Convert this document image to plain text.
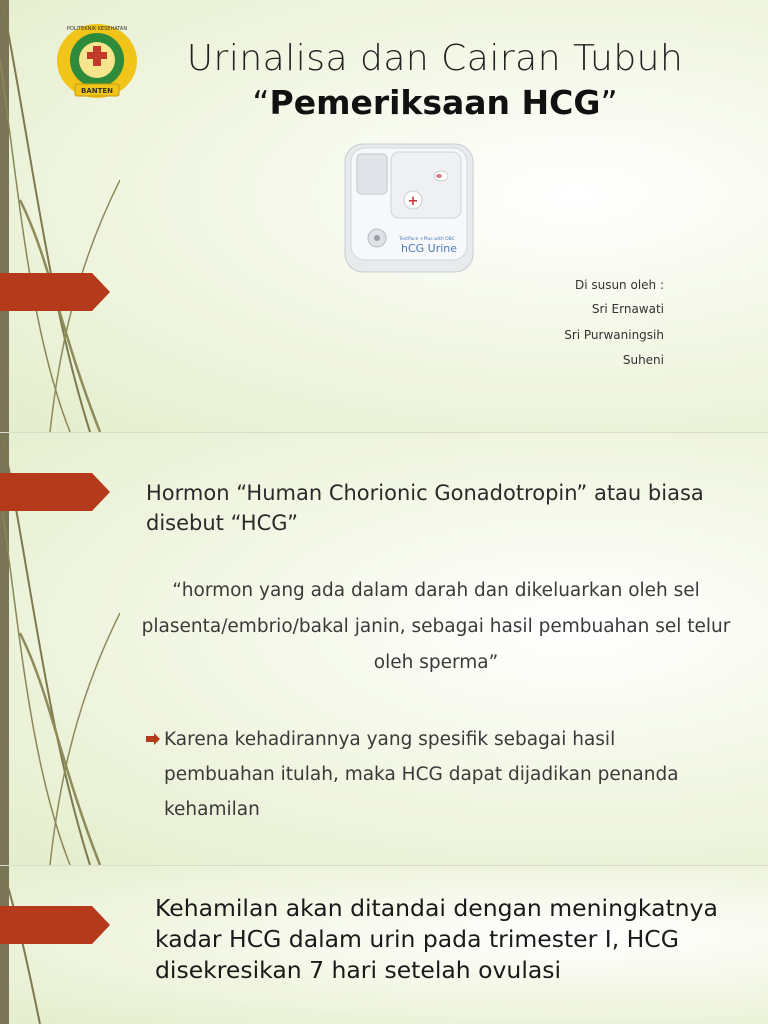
BANTEN
POLITEKNIK KESEHATAN
Urinalisa dan Cairan Tubuh
“Pemeriksaan HCG”
+
TestPack +Plus with OBC
hCG Urine
Di susun oleh :
Sri Ernawati
Sri Purwaningsih
Suheni
Hormon “Human Chorionic Gonadotropin” atau biasa disebut “HCG”
“hormon yang ada dalam darah dan dikeluarkan oleh sel plasenta/embrio/bakal janin, sebagai hasil pembuahan sel telur oleh sperma”
Karena kehadirannya yang spesifik sebagai hasil pembuahan itulah, maka HCG dapat dijadikan penanda kehamilan
Kehamilan akan ditandai dengan meningkatnya kadar HCG dalam urin pada trimester I, HCG disekresikan 7 hari setelah ovulasi
